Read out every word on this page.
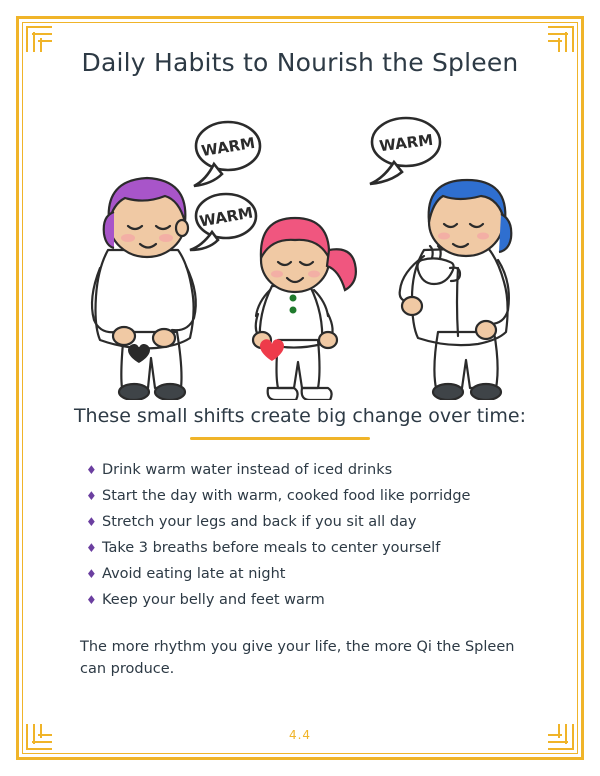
Daily Habits to Nourish the Spleen
WARM
WARM
WARM
These small shifts create big change over time:
♦ Drink warm water instead of iced drinks
♦ Start the day with warm, cooked food like porridge
♦ Stretch your legs and back if you sit all day
♦ Take 3 breaths before meals to center yourself
♦ Avoid eating late at night
♦ Keep your belly and feet warm
The more rhythm you give your life, the more Qi the Spleen can produce.
4.4
